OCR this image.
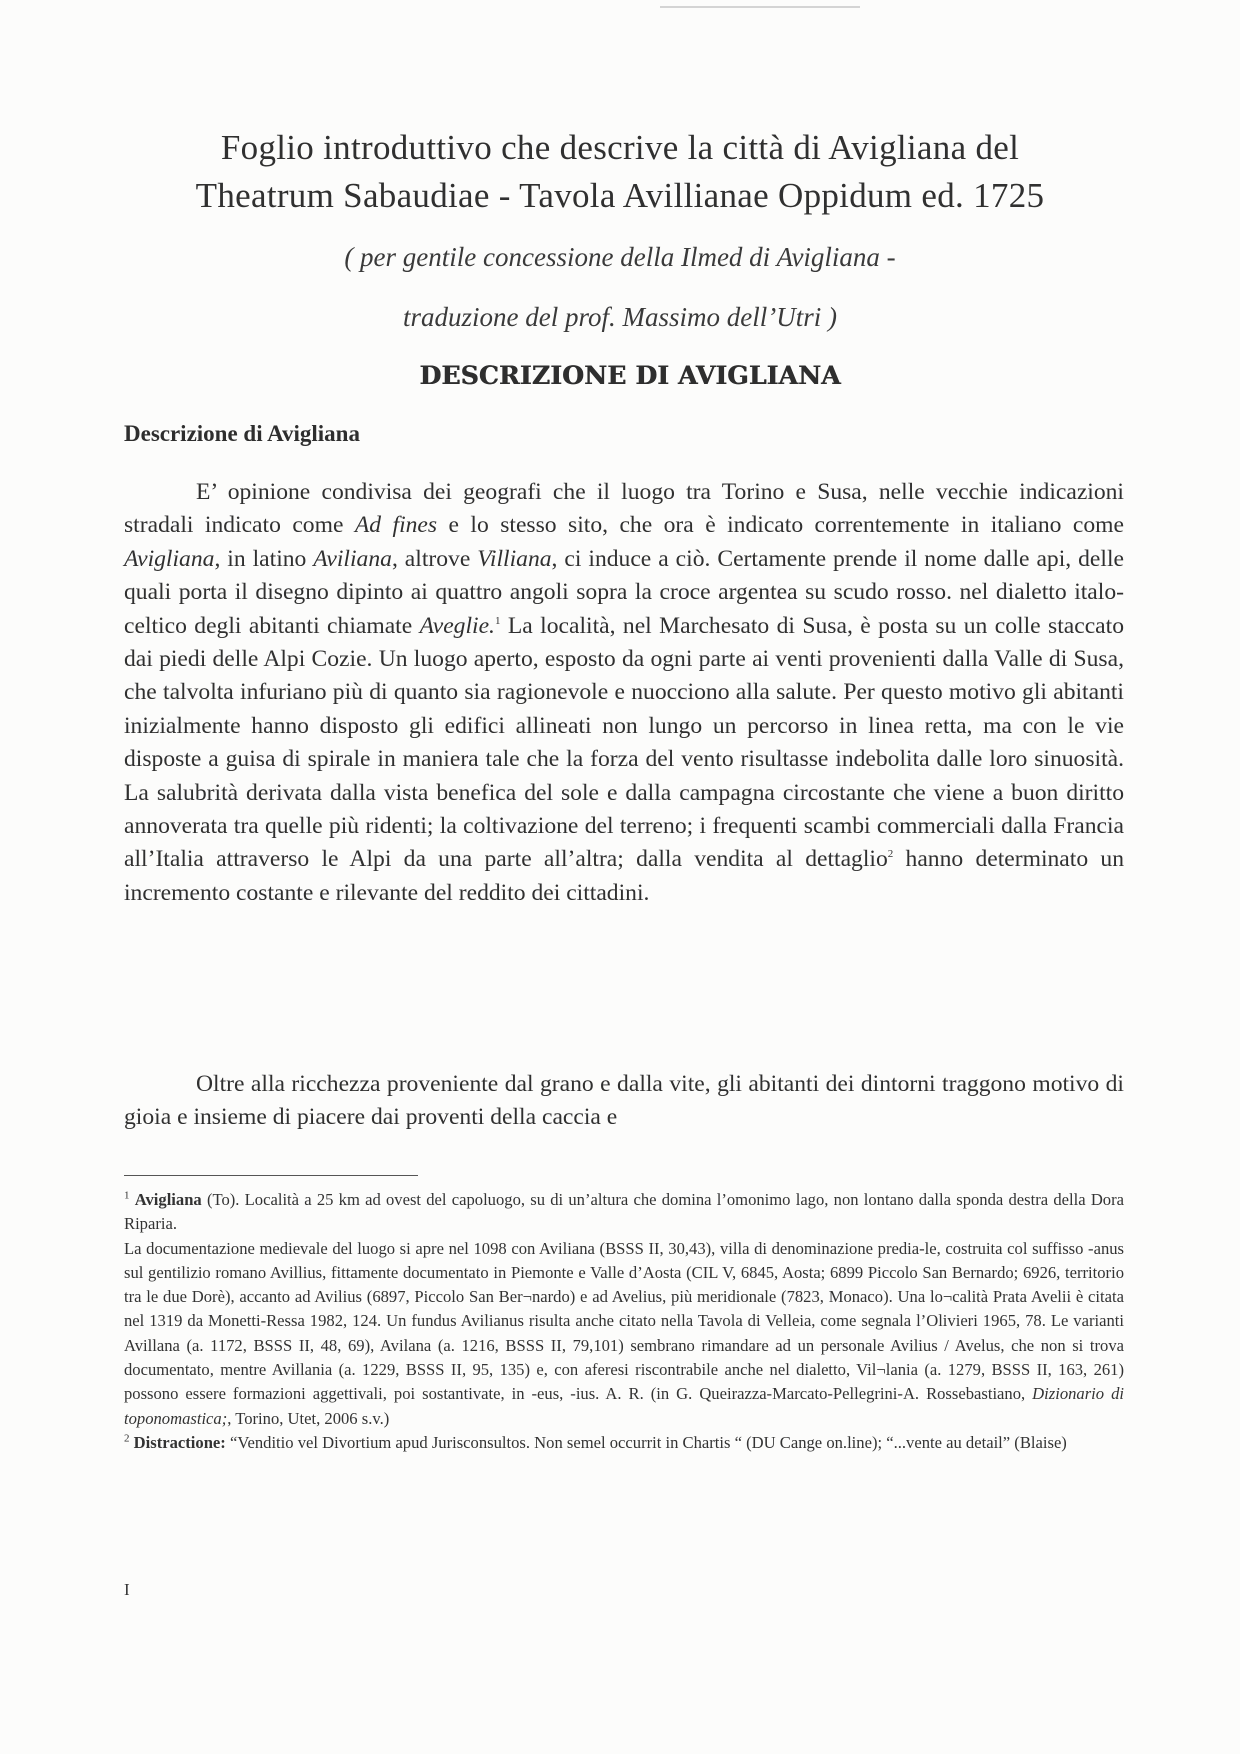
Foglio introduttivo che descrive la città di Avigliana del
Theatrum Sabaudiae - Tavola Avillianae Oppidum ed. 1725
( per gentile concessione della Ilmed di Avigliana -
traduzione del prof. Massimo dell’Utri )
DESCRIZIONE DI AVIGLIANA
Descrizione di Avigliana
E’ opinione condivisa dei geografi che il luogo tra Torino e Susa, nelle vecchie indicazioni stradali indicato come Ad fines e lo stesso sito, che ora è indicato correntemente in italiano come Avigliana, in latino Aviliana, altrove Villiana, ci induce a ciò. Certamente prende il nome dalle api, delle quali porta il disegno dipinto ai quattro angoli sopra la croce argentea su scudo rosso. nel dialetto italo-celtico degli abitanti chiamate Aveglie.$^1$ La località, nel Marchesato di Susa, è posta su un colle staccato dai piedi delle Alpi Cozie. Un luogo aperto, esposto da ogni parte ai venti provenienti dalla Valle di Susa, che talvolta infuriano più di quanto sia ragionevole e nuocciono alla salute. Per questo motivo gli abitanti inizialmente hanno disposto gli edifici allineati non lungo un percorso in linea retta, ma con le vie disposte a guisa di spirale in maniera tale che la forza del vento risultasse indebolita dalle loro sinuosità. La salubrità derivata dalla vista benefica del sole e dalla campagna circostante che viene a buon diritto annoverata tra quelle più ridenti; la coltivazione del terreno; i frequenti scambi commerciali dalla Francia all’Italia attraverso le Alpi da una parte all’altra; dalla vendita al dettaglio$^2$ hanno determinato un incremento costante e rilevante del reddito dei cittadini.
Oltre alla ricchezza proveniente dal grano e dalla vite, gli abitanti dei dintorni traggono motivo di gioia e insieme di piacere dai proventi della caccia e

$^1$ Avigliana (To). Località a 25 km ad ovest del capoluogo, su di un’altura che domina l’omonimo lago, non lontano dalla sponda destra della Dora Riparia.

La documentazione medievale del luogo si apre nel 1098 con Aviliana (BSSS II, 30,43), villa di denominazione predia-le, costruita col suffisso -anus sul gentilizio romano Avillius, fittamente documentato in Piemonte e Valle d’Aosta (CIL V, 6845, Aosta; 6899 Piccolo San Bernardo; 6926, territorio tra le due Dorè), accanto ad Avilius (6897, Piccolo San Ber¬nardo) e ad Avelius, più meridionale (7823, Monaco). Una lo¬calità Prata Avelii è citata nel 1319 da Monetti-Ressa 1982, 124. Un fundus Avilianus risulta anche citato nella Tavola di Velleia, come segnala l’Olivieri 1965, 78. Le varianti Avillana (a. 1172, BSSS II, 48, 69), Avilana (a. 1216, BSSS II, 79,101) sembrano rimandare ad un personale Avilius / Avelus, che non si trova documentato, mentre Avillania (a. 1229, BSSS II, 95, 135) e, con aferesi riscontrabile anche nel dialetto, Vil¬lania (a. 1279, BSSS II, 163, 261) possono essere formazioni aggettivali, poi sostantivate, in -eus, -ius. A. R. (in G. Queirazza-Marcato-Pellegrini-A. Rossebastiano, Dizionario di toponomastica;, Torino, Utet, 2006 s.v.)

$^2$ Distractione: “Venditio vel Divortium apud Jurisconsultos. Non semel occurrit in Chartis “ (DU Cange on.line); “...vente au detail” (Blaise)

I
